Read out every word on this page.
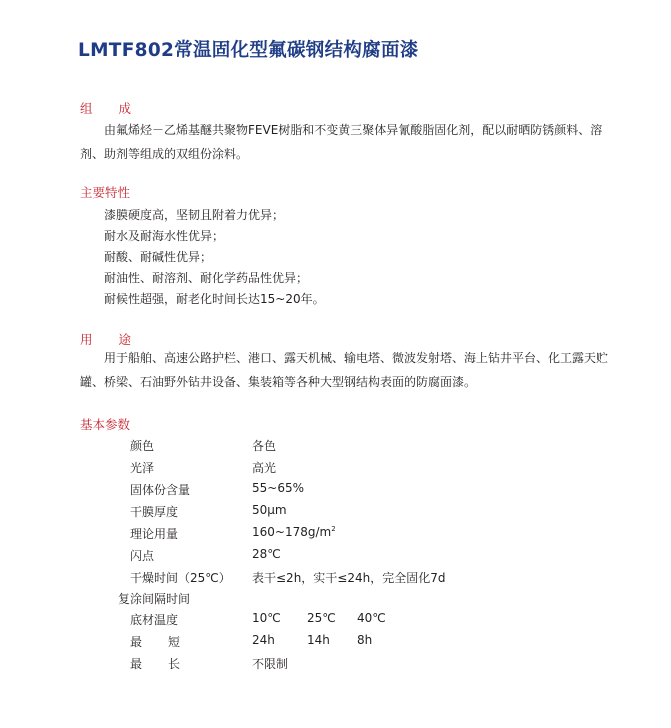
LMTF802常温固化型氟碳钢结构腐面漆
组 成

由氟烯烃－乙烯基醚共聚物FEVE树脂和不变黄三聚体异氰酸脂固化剂，配以耐晒防锈颜料、溶剂、助剂等组成的双组份涂料。

主要特性
漆膜硬度高，坚韧且附着力优异；
耐水及耐海水性优异；
耐酸、耐碱性优异；
耐油性、耐溶剂、耐化学药品性优异；
耐候性超强，耐老化时间长达15~20年。
用 途

用于船舶、高速公路护栏、港口、露天机械、输电塔、微波发射塔、海上钻井平台、化工露天贮罐、桥梁、石油野外钻井设备、集装箱等各种大型钢结构表面的防腐面漆。

基本参数
颜色	各色
光泽	高光
固体份含量	55~65%
干膜厚度	50μm
理论用量	$160\sim 178g/m^2$
闪点	28℃
干燥时间（25℃） 表干≤2h，实干≤24h，完全固化7d
复涂间隔时间
底材温度	10℃ 25℃ 40℃
最 短	24h	14h 8h
最 长	不限制
